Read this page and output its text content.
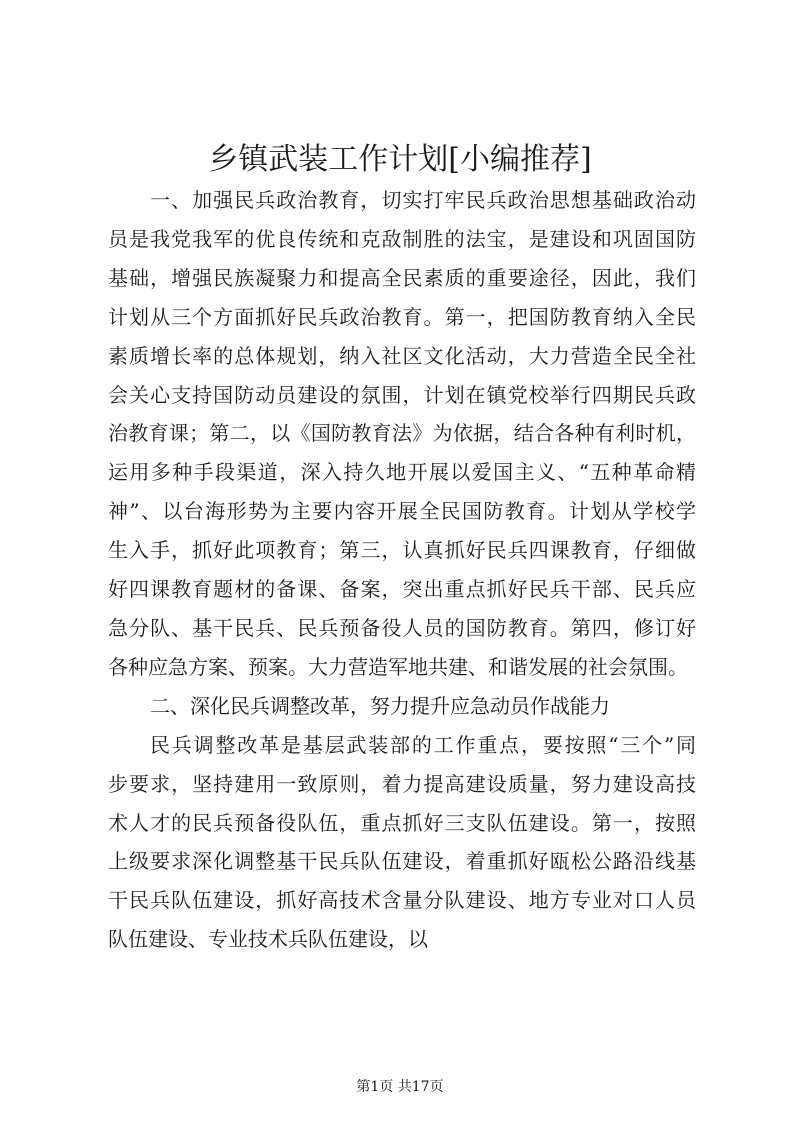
乡镇武装工作计划[小编推荐]
一、加强民兵政治教育，切实打牢民兵政治思想基础政治动
员是我党我军的优良传统和克敌制胜的法宝，是建设和巩固国防
基础，增强民族凝聚力和提高全民素质的重要途径，因此，我们
计划从三个方面抓好民兵政治教育。第一，把国防教育纳入全民
素质增长率的总体规划，纳入社区文化活动，大力营造全民全社
会关心支持国防动员建设的氛围，计划在镇党校举行四期民兵政
治教育课；第二，以《国防教育法》为依据，结合各种有利时机，
运用多种手段渠道，深入持久地开展以爱国主义、“五种革命精
神”、以台海形势为主要内容开展全民国防教育。计划从学校学
生入手，抓好此项教育；第三，认真抓好民兵四课教育，仔细做
好四课教育题材的备课、备案，突出重点抓好民兵干部、民兵应
急分队、基干民兵、民兵预备役人员的国防教育。第四，修订好
各种应急方案、预案。大力营造军地共建、和谐发展的社会氛围。
二、深化民兵调整改革，努力提升应急动员作战能力
民兵调整改革是基层武装部的工作重点，要按照“三个”同
步要求，坚持建用一致原则，着力提高建设质量，努力建设高技
术人才的民兵预备役队伍，重点抓好三支队伍建设。第一，按照
上级要求深化调整基干民兵队伍建设，着重抓好瓯松公路沿线基
干民兵队伍建设，抓好高技术含量分队建设、地方专业对口人员
队伍建设、专业技术兵队伍建设，以
第1页 共17页
